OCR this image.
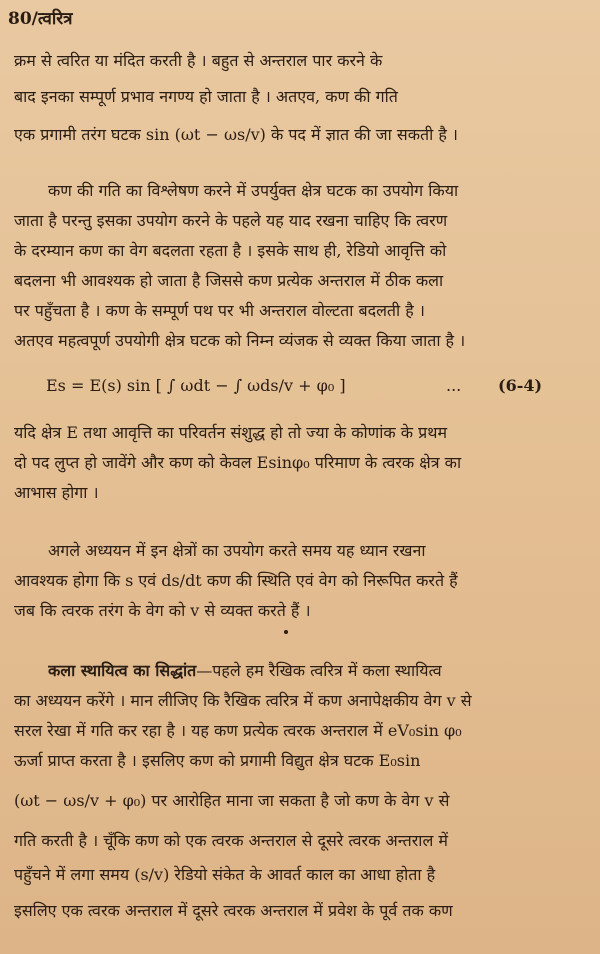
80/त्वरित्र
क्रम से त्वरित या मंदित करती है । बहुत से अन्तराल पार करने के
बाद इनका सम्पूर्ण प्रभाव नगण्य हो जाता है । अतएव, कण की गति
एक प्रगामी तरंग घटक sin (ωt − ωs/v) के पद में ज्ञात की जा सकती है ।
कण की गति का विश्लेषण करने में उपर्युक्त क्षेत्र घटक का उपयोग किया
जाता है परन्तु इसका उपयोग करने के पहले यह याद रखना चाहिए कि त्वरण
के दरम्यान कण का वेग बदलता रहता है । इसके साथ ही, रेडियो आवृत्ति को
बदलना भी आवश्यक हो जाता है जिससे कण प्रत्येक अन्तराल में ठीक कला
पर पहुँचता है । कण के सम्पूर्ण पथ पर भी अन्तराल वोल्टता बदलती है ।
अतएव महत्वपूर्ण उपयोगी क्षेत्र घटक को निम्न व्यंजक से व्यक्त किया जाता है ।
Es = E(s) sin [ ∫ ωdt − ∫ ωds/v + φ₀ ]	... (6-4)
यदि क्षेत्र E तथा आवृत्ति का परिवर्तन संशुद्ध हो तो ज्या के कोणांक के प्रथम
दो पद लुप्त हो जावेंगे और कण को केवल Esinφ₀ परिमाण के त्वरक क्षेत्र का
आभास होगा ।
अगले अध्ययन में इन क्षेत्रों का उपयोग करते समय यह ध्यान रखना
आवश्यक होगा कि s एवं ds/dt कण की स्थिति एवं वेग को निरूपित करते हैं
जब कि त्वरक तरंग के वेग को v से व्यक्त करते हैं ।
कला स्थायित्व का सिद्धांत—पहले हम रैखिक त्वरित्र में कला स्थायित्व
का अध्ययन करेंगे । मान लीजिए कि रैखिक त्वरित्र में कण अनापेक्षकीय वेग v से
सरल रेखा में गति कर रहा है । यह कण प्रत्येक त्वरक अन्तराल में eV₀sin φ₀
ऊर्जा प्राप्त करता है । इसलिए कण को प्रगामी विद्युत क्षेत्र घटक E₀sin
(ωt − ωs/v + φ₀) पर आरोहित माना जा सकता है जो कण के वेग v से
गति करती है । चूँकि कण को एक त्वरक अन्तराल से दूसरे त्वरक अन्तराल में
पहुँचने में लगा समय (s/v) रेडियो संकेत के आवर्त काल का आधा होता है
इसलिए एक त्वरक अन्तराल में दूसरे त्वरक अन्तराल में प्रवेश के पूर्व तक कण
